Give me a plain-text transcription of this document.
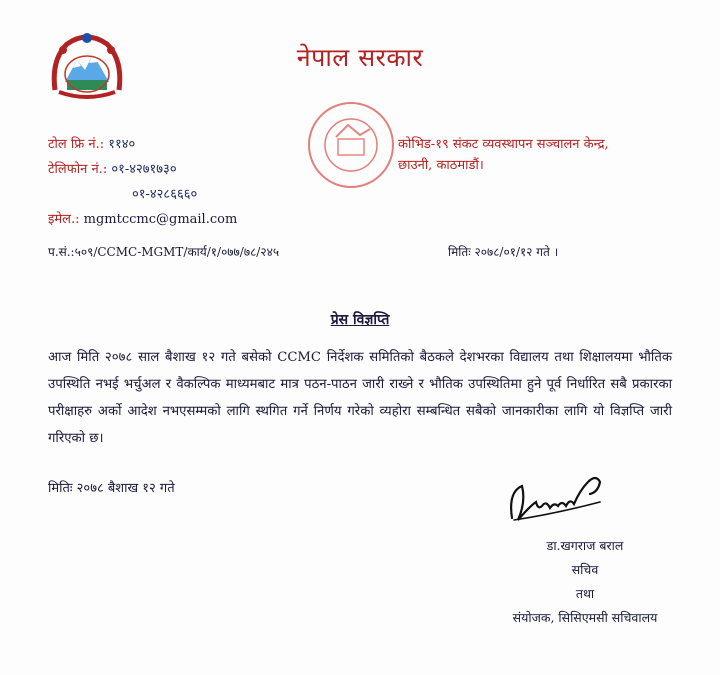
नेपाल सरकार
टोल फ्रि नं.: ११४०
टेलिफोन नं.: ०१-४२७१७३०
०१-४२८६६६०
इमेल.: mgmtccmc@gmail.com
कोभिड-१९ संकट व्यवस्थापन सञ्चालन केन्द्र,
छाउनी, काठमाडौं।
प.सं.:५०९/CCMC-MGMT/कार्य/१/०७७/७८/२४५	मितिः २०७८/०१/१२ गते ।
प्रेस विज्ञप्ति
आज मिति २०७८ साल बैशाख १२ गते बसेको CCMC निर्देशक समितिको बैठकले देशभरका विद्यालय तथा शिक्षालयमा भौतिक उपस्थिति नभई भर्चुअल र वैकल्पिक माध्यमबाट मात्र पठन-पाठन जारी राख्ने र भौतिक उपस्थितिमा हुने पूर्व निर्धारित सबै प्रकारका परीक्षाहरु अर्को आदेश नभएसम्मको लागि स्थगित गर्ने निर्णय गरेको व्यहोरा सम्बन्धित सबैको जानकारीका लागि यो विज्ञप्ति जारी गरिएको छ।
मितिः २०७८ बैशाख १२ गते
डा.खगराज बराल
सचिव
तथा
संयोजक, सिसिएमसी सचिवालय
